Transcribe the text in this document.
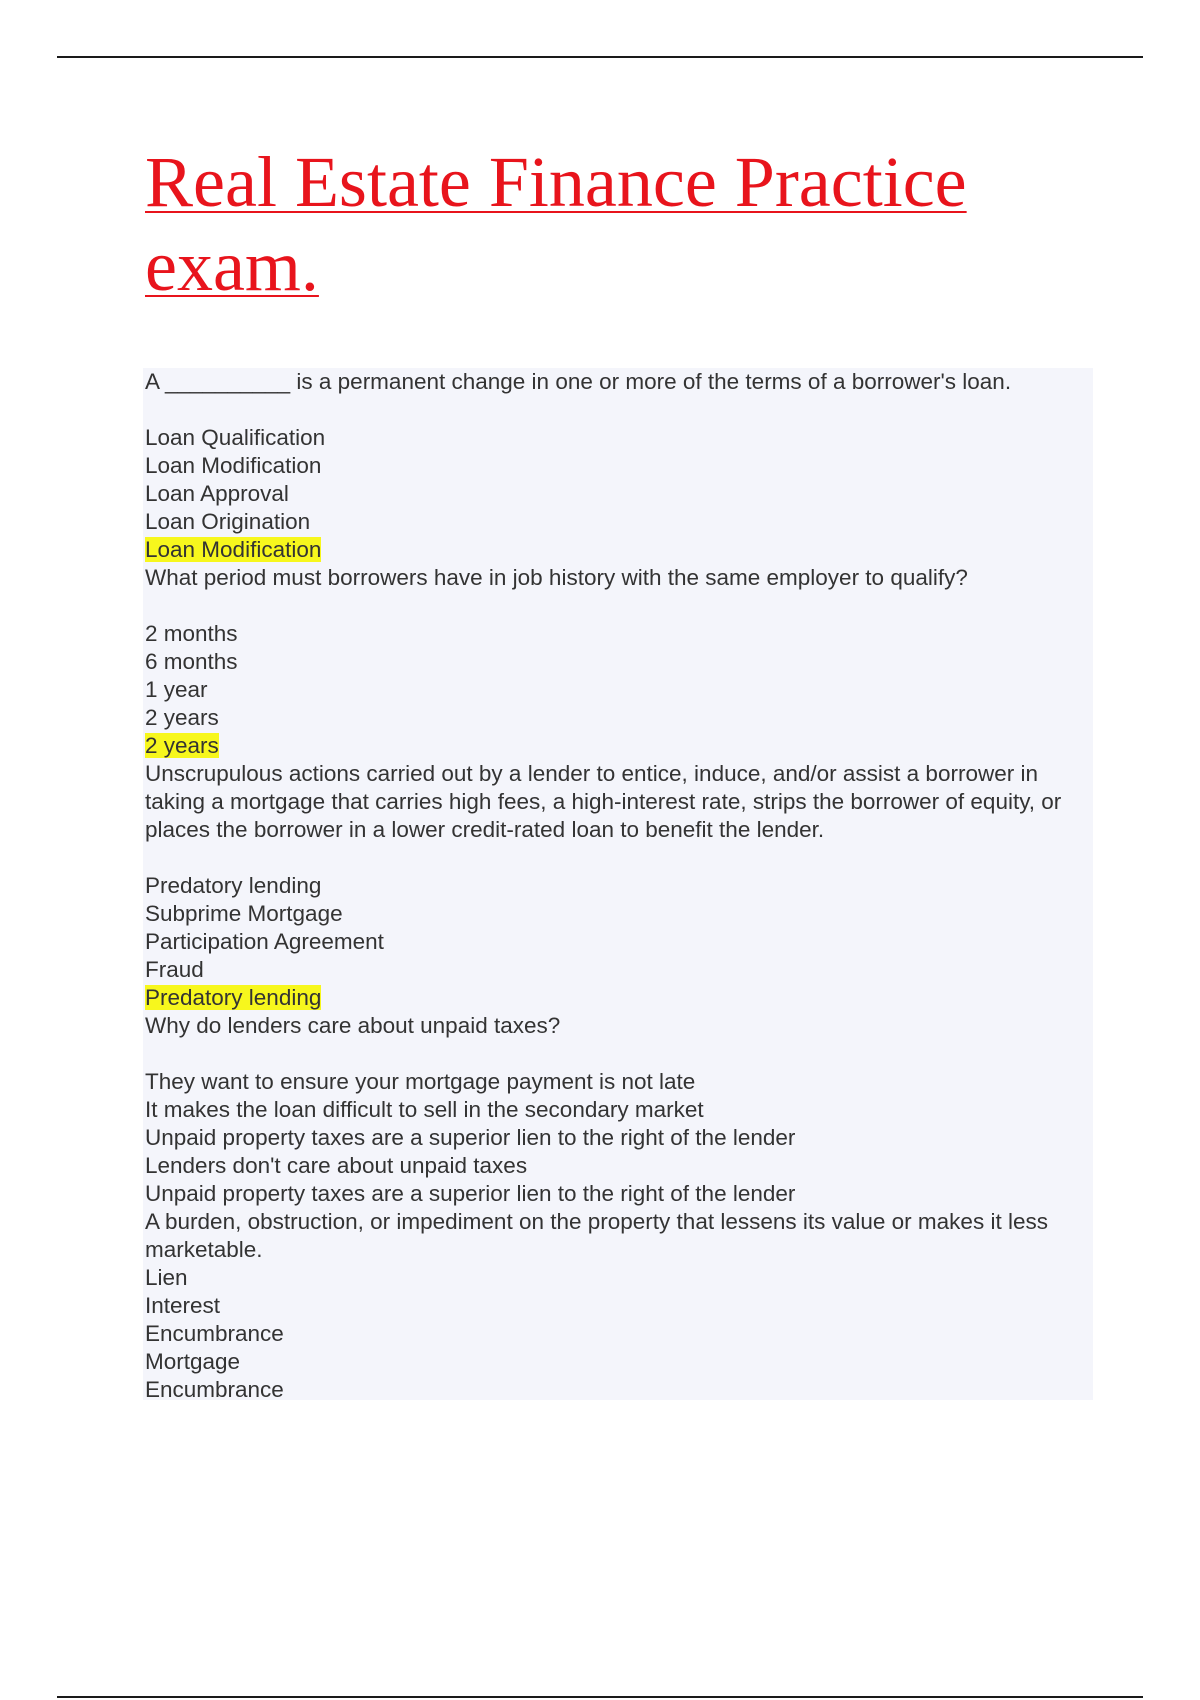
Real Estate Finance Practice exam.
A __________ is a permanent change in one or more of the terms of a borrower's loan.
Loan Qualification
Loan Modification
Loan Approval
Loan Origination
Loan Modification
What period must borrowers have in job history with the same employer to qualify?
2 months
6 months
1 year
2 years
2 years
Unscrupulous actions carried out by a lender to entice, induce, and/or assist a borrower in taking a mortgage that carries high fees, a high-interest rate, strips the borrower of equity, or places the borrower in a lower credit-rated loan to benefit the lender.
Predatory lending
Subprime Mortgage
Participation Agreement
Fraud
Predatory lending
Why do lenders care about unpaid taxes?
They want to ensure your mortgage payment is not late
It makes the loan difficult to sell in the secondary market
Unpaid property taxes are a superior lien to the right of the lender
Lenders don't care about unpaid taxes
Unpaid property taxes are a superior lien to the right of the lender
A burden, obstruction, or impediment on the property that lessens its value or makes it less marketable.
Lien
Interest
Encumbrance
Mortgage
Encumbrance
